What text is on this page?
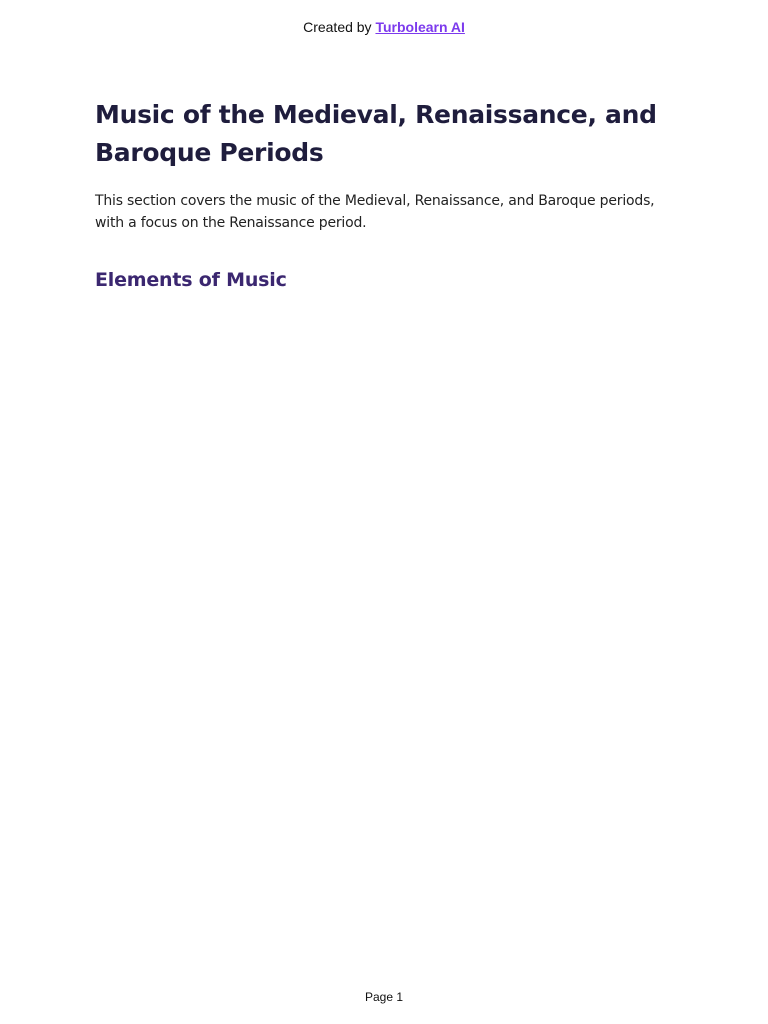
Created by Turbolearn AI
Music of the Medieval, Renaissance, and Baroque Periods

This section covers the music of the Medieval, Renaissance, and Baroque periods, with a focus on the Renaissance period.

Elements of Music
Page 1
